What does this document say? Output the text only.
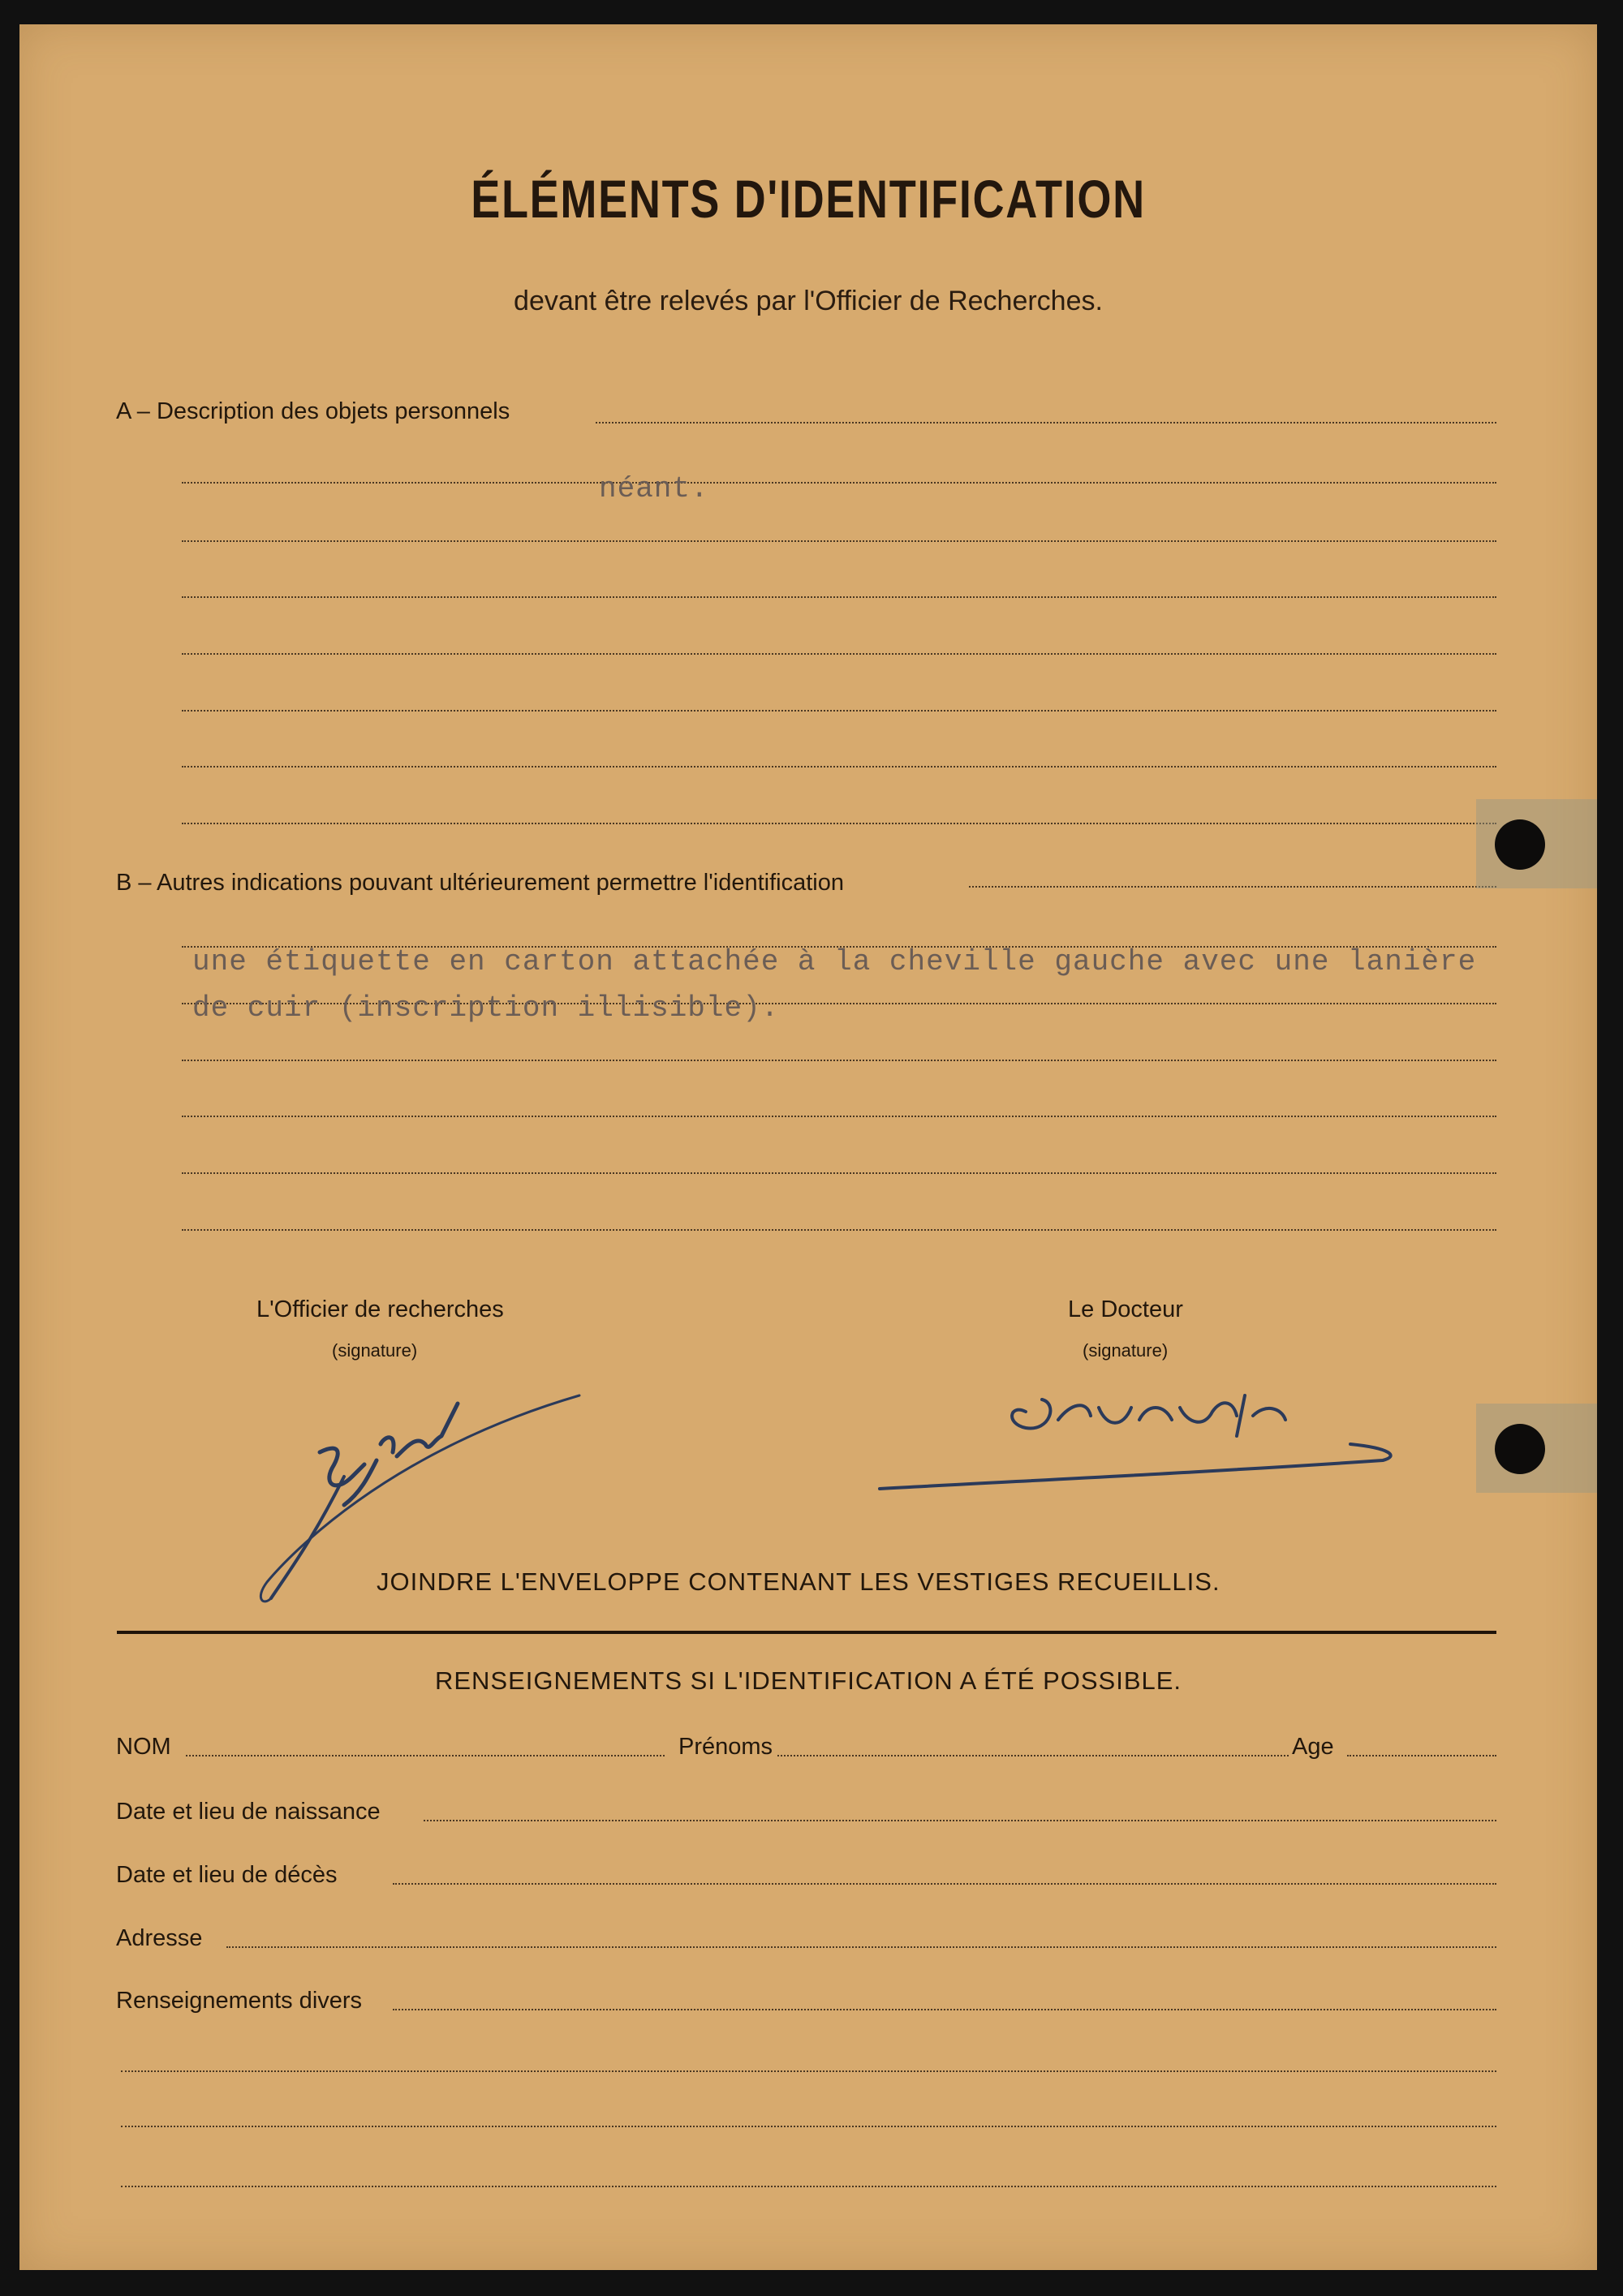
ÉLÉMENTS D'IDENTIFICATION
devant être relevés par l'Officier de Recherches.
A – Description des objets personnels
néant.
B – Autres indications pouvant ultérieurement permettre l'identification
une étiquette en carton attachée à la cheville gauche avec une lanière
de cuir (inscription illisible).
L'Officier de recherches
(signature)
Le Docteur
(signature)
JOINDRE L'ENVELOPPE CONTENANT LES VESTIGES RECUEILLIS.
RENSEIGNEMENTS SI L'IDENTIFICATION A ÉTÉ POSSIBLE.
NOM	Prénoms	Age
Date et lieu de naissance
Date et lieu de décès
Adresse
Renseignements divers
